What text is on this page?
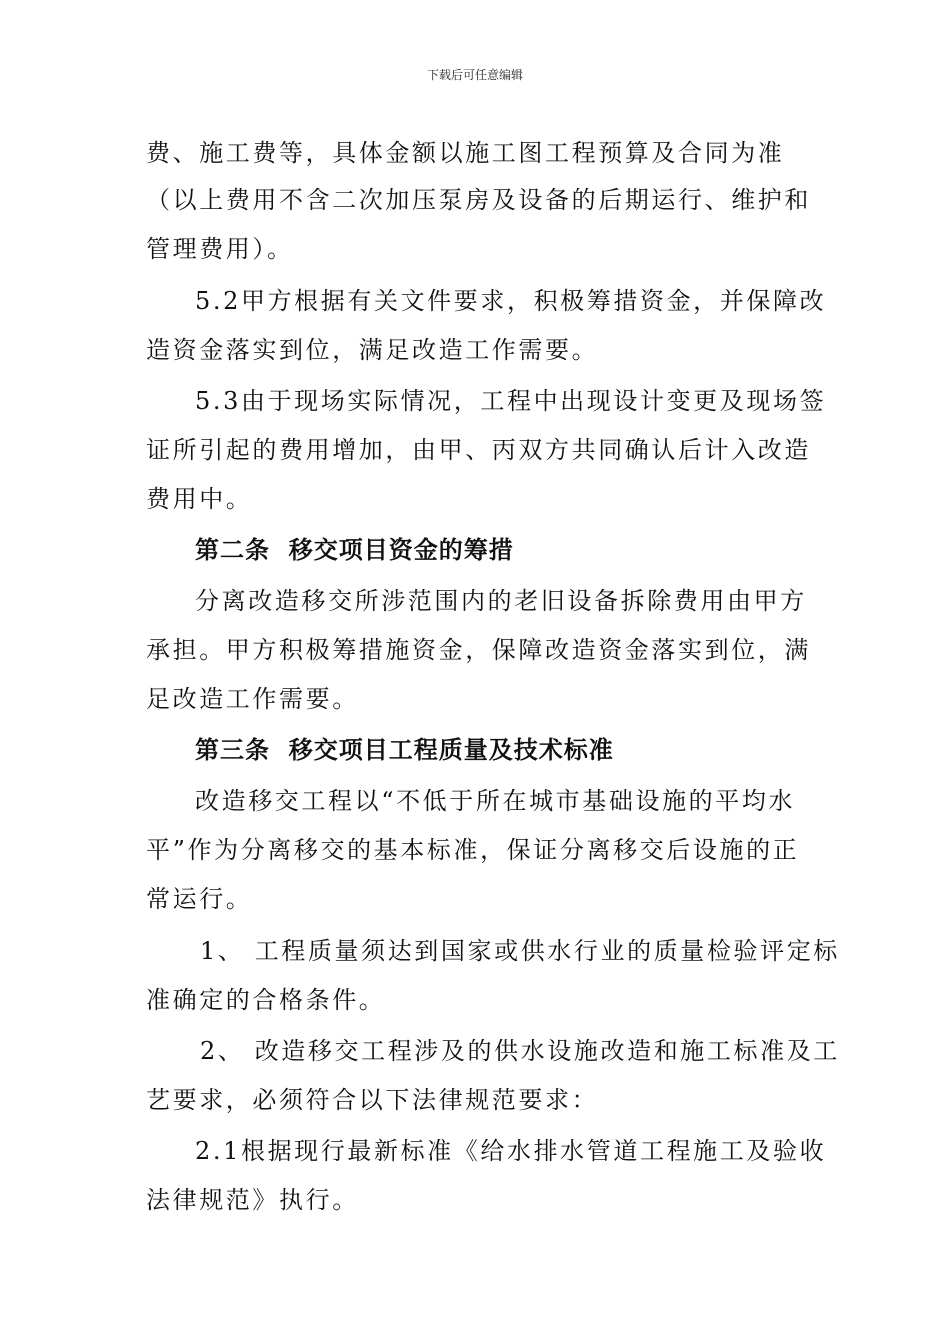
下载后可任意编辑
费、施工费等，具体金额以施工图工程预算及合同为准
（以上费用不含二次加压泵房及设备的后期运行、维护和
管理费用）。
5.2甲方根据有关文件要求，积极筹措资金，并保障改
造资金落实到位，满足改造工作需要。
5.3由于现场实际情况，工程中出现设计变更及现场签
证所引起的费用增加，由甲、丙双方共同确认后计入改造
费用中。
第二条  移交项目资金的筹措
分离改造移交所涉范围内的老旧设备拆除费用由甲方
承担。甲方积极筹措施资金，保障改造资金落实到位，满
足改造工作需要。
第三条  移交项目工程质量及技术标准
改造移交工程以“不低于所在城市基础设施的平均水
平”作为分离移交的基本标准，保证分离移交后设施的正
常运行。
1、 工程质量须达到国家或供水行业的质量检验评定标
准确定的合格条件。
2、 改造移交工程涉及的供水设施改造和施工标准及工
艺要求，必须符合以下法律规范要求：
2.1根据现行最新标准《给水排水管道工程施工及验收
法律规范》执行。
